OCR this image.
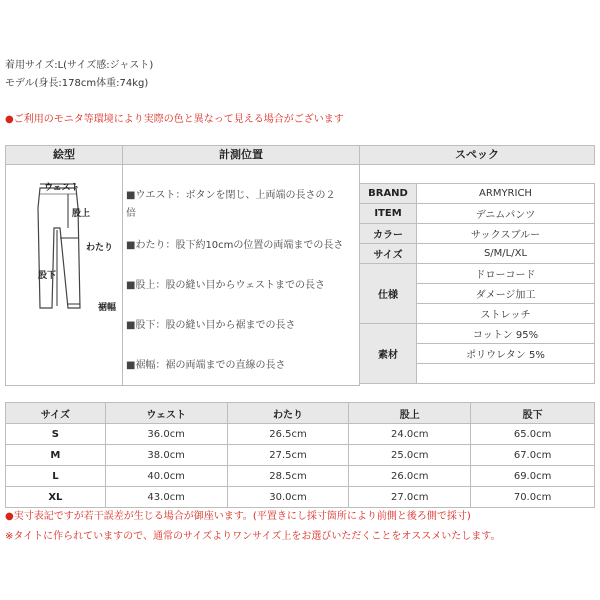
着用サイズ:L(サイズ感:ジャスト)
モデル(身長:178cm体重:74kg)
●ご利用のモニタ等環境により実際の色と異なって見える場合がございます
絵型	計測位置	スペック
ウェスト
股上
わたり
股下
裾幅
■ウエスト：ボタンを閉じ、上両端の長さの２
倍
■わたり：股下約10cmの位置の両端までの長さ
■股上：股の縫い目からウェストまでの長さ
■股下：股の縫い目から裾までの長さ
■裾幅：裾の両端までの直線の長さ
BRAND	ARMYRICH
ITEM	デニムパンツ
カラー	サックスブルー
サイズ	S/M/L/XL
仕様	ドローコード
	ダメージ加工
	ストレッチ
素材	コットン 95%
	ポリウレタン 5%

サイズ	ウェスト	わたり	股上	股下
S	36.0cm	26.5cm	24.0cm	65.0cm
M	38.0cm	27.5cm	25.0cm	67.0cm
L	40.0cm	28.5cm	26.0cm	69.0cm
XL	43.0cm	30.0cm	27.0cm	70.0cm
●実寸表記ですが若干誤差が生じる場合が御座います。(平置きにし採寸箇所により前側と後ろ側で採寸)
※タイトに作られていますので、通常のサイズよりワンサイズ上をお選びいただくことをオススメいたします。
